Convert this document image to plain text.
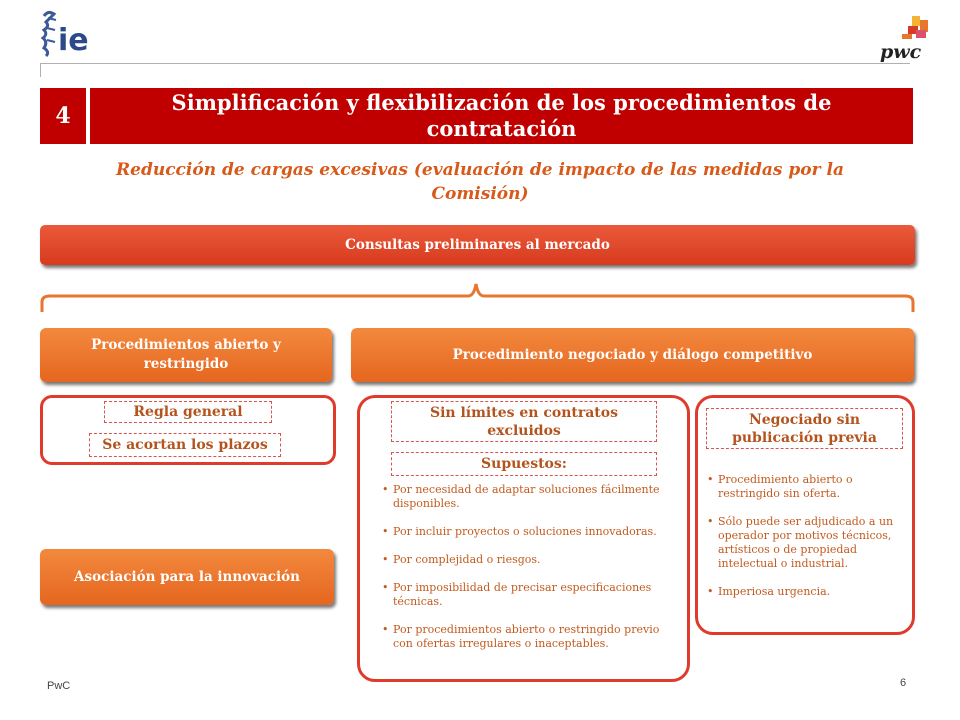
ie	pwc
4
Simplificación y flexibilización de los procedimientos de contratación
Reducción de cargas excesivas (evaluación de impacto de las medidas por la Comisión)
Consultas preliminares al mercado
Procedimientos abierto y restringido
Regla general
Se acortan los plazos
Asociación para la innovación
Procedimiento negociado y diálogo competitivo
Sin límites en contratos excluidos
Supuestos:
• Por necesidad de adaptar soluciones fácilmente disponibles.
• Por incluir proyectos o soluciones innovadoras.
• Por complejidad o riesgos.
• Por imposibilidad de precisar especificaciones técnicas.
• Por procedimientos abierto o restringido previo con ofertas irregulares o inaceptables.
Negociado sin publicación previa
• Procedimiento abierto o restringido sin oferta.
• Sólo puede ser adjudicado a un operador por motivos técnicos, artísticos o de propiedad intelectual o industrial.
• Imperiosa urgencia.
PwC	6
